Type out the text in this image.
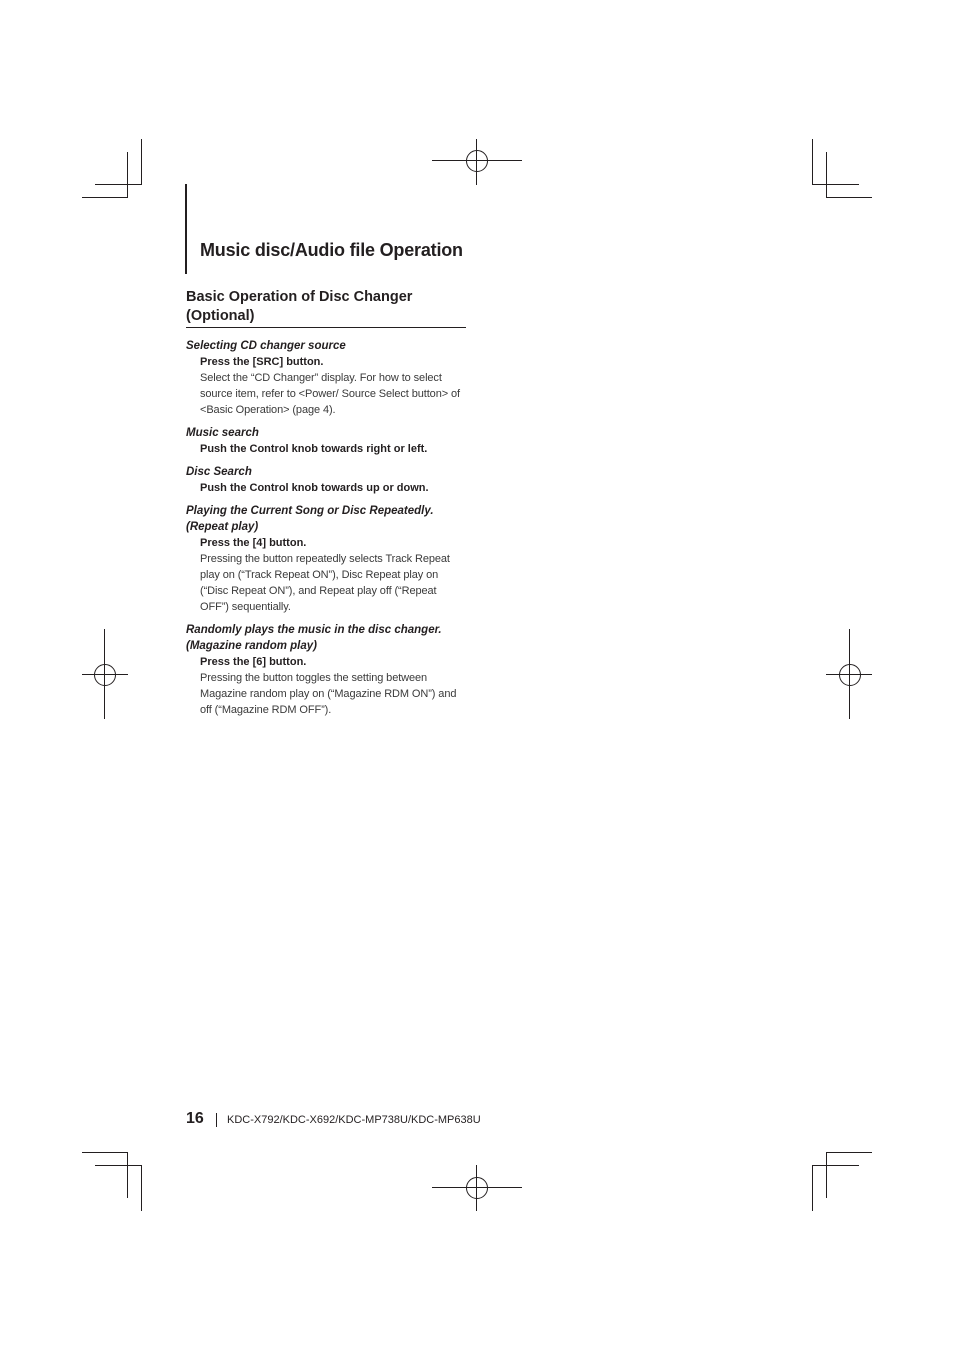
Music disc/Audio file Operation
Basic Operation of Disc Changer (Optional)
Selecting CD changer source
Press the [SRC] button.
Select the “CD Changer” display. For how to select source item, refer to <Power/ Source Select button> of <Basic Operation> (page 4).
Music search
Push the Control knob towards right or left.
Disc Search
Push the Control knob towards up or down.
Playing the Current Song or Disc Repeatedly. (Repeat play)
Press the [4] button.
Pressing the button repeatedly selects Track Repeat play on (“Track Repeat ON”), Disc Repeat play on (“Disc Repeat ON”), and Repeat play off (“Repeat OFF”) sequentially.
Randomly plays the music in the disc changer. (Magazine random play)
Press the [6] button.
Pressing the button toggles the setting between Magazine random play on (“Magazine RDM ON”) and off (“Magazine RDM OFF”).
16 KDC-X792/KDC-X692/KDC-MP738U/KDC-MP638U
